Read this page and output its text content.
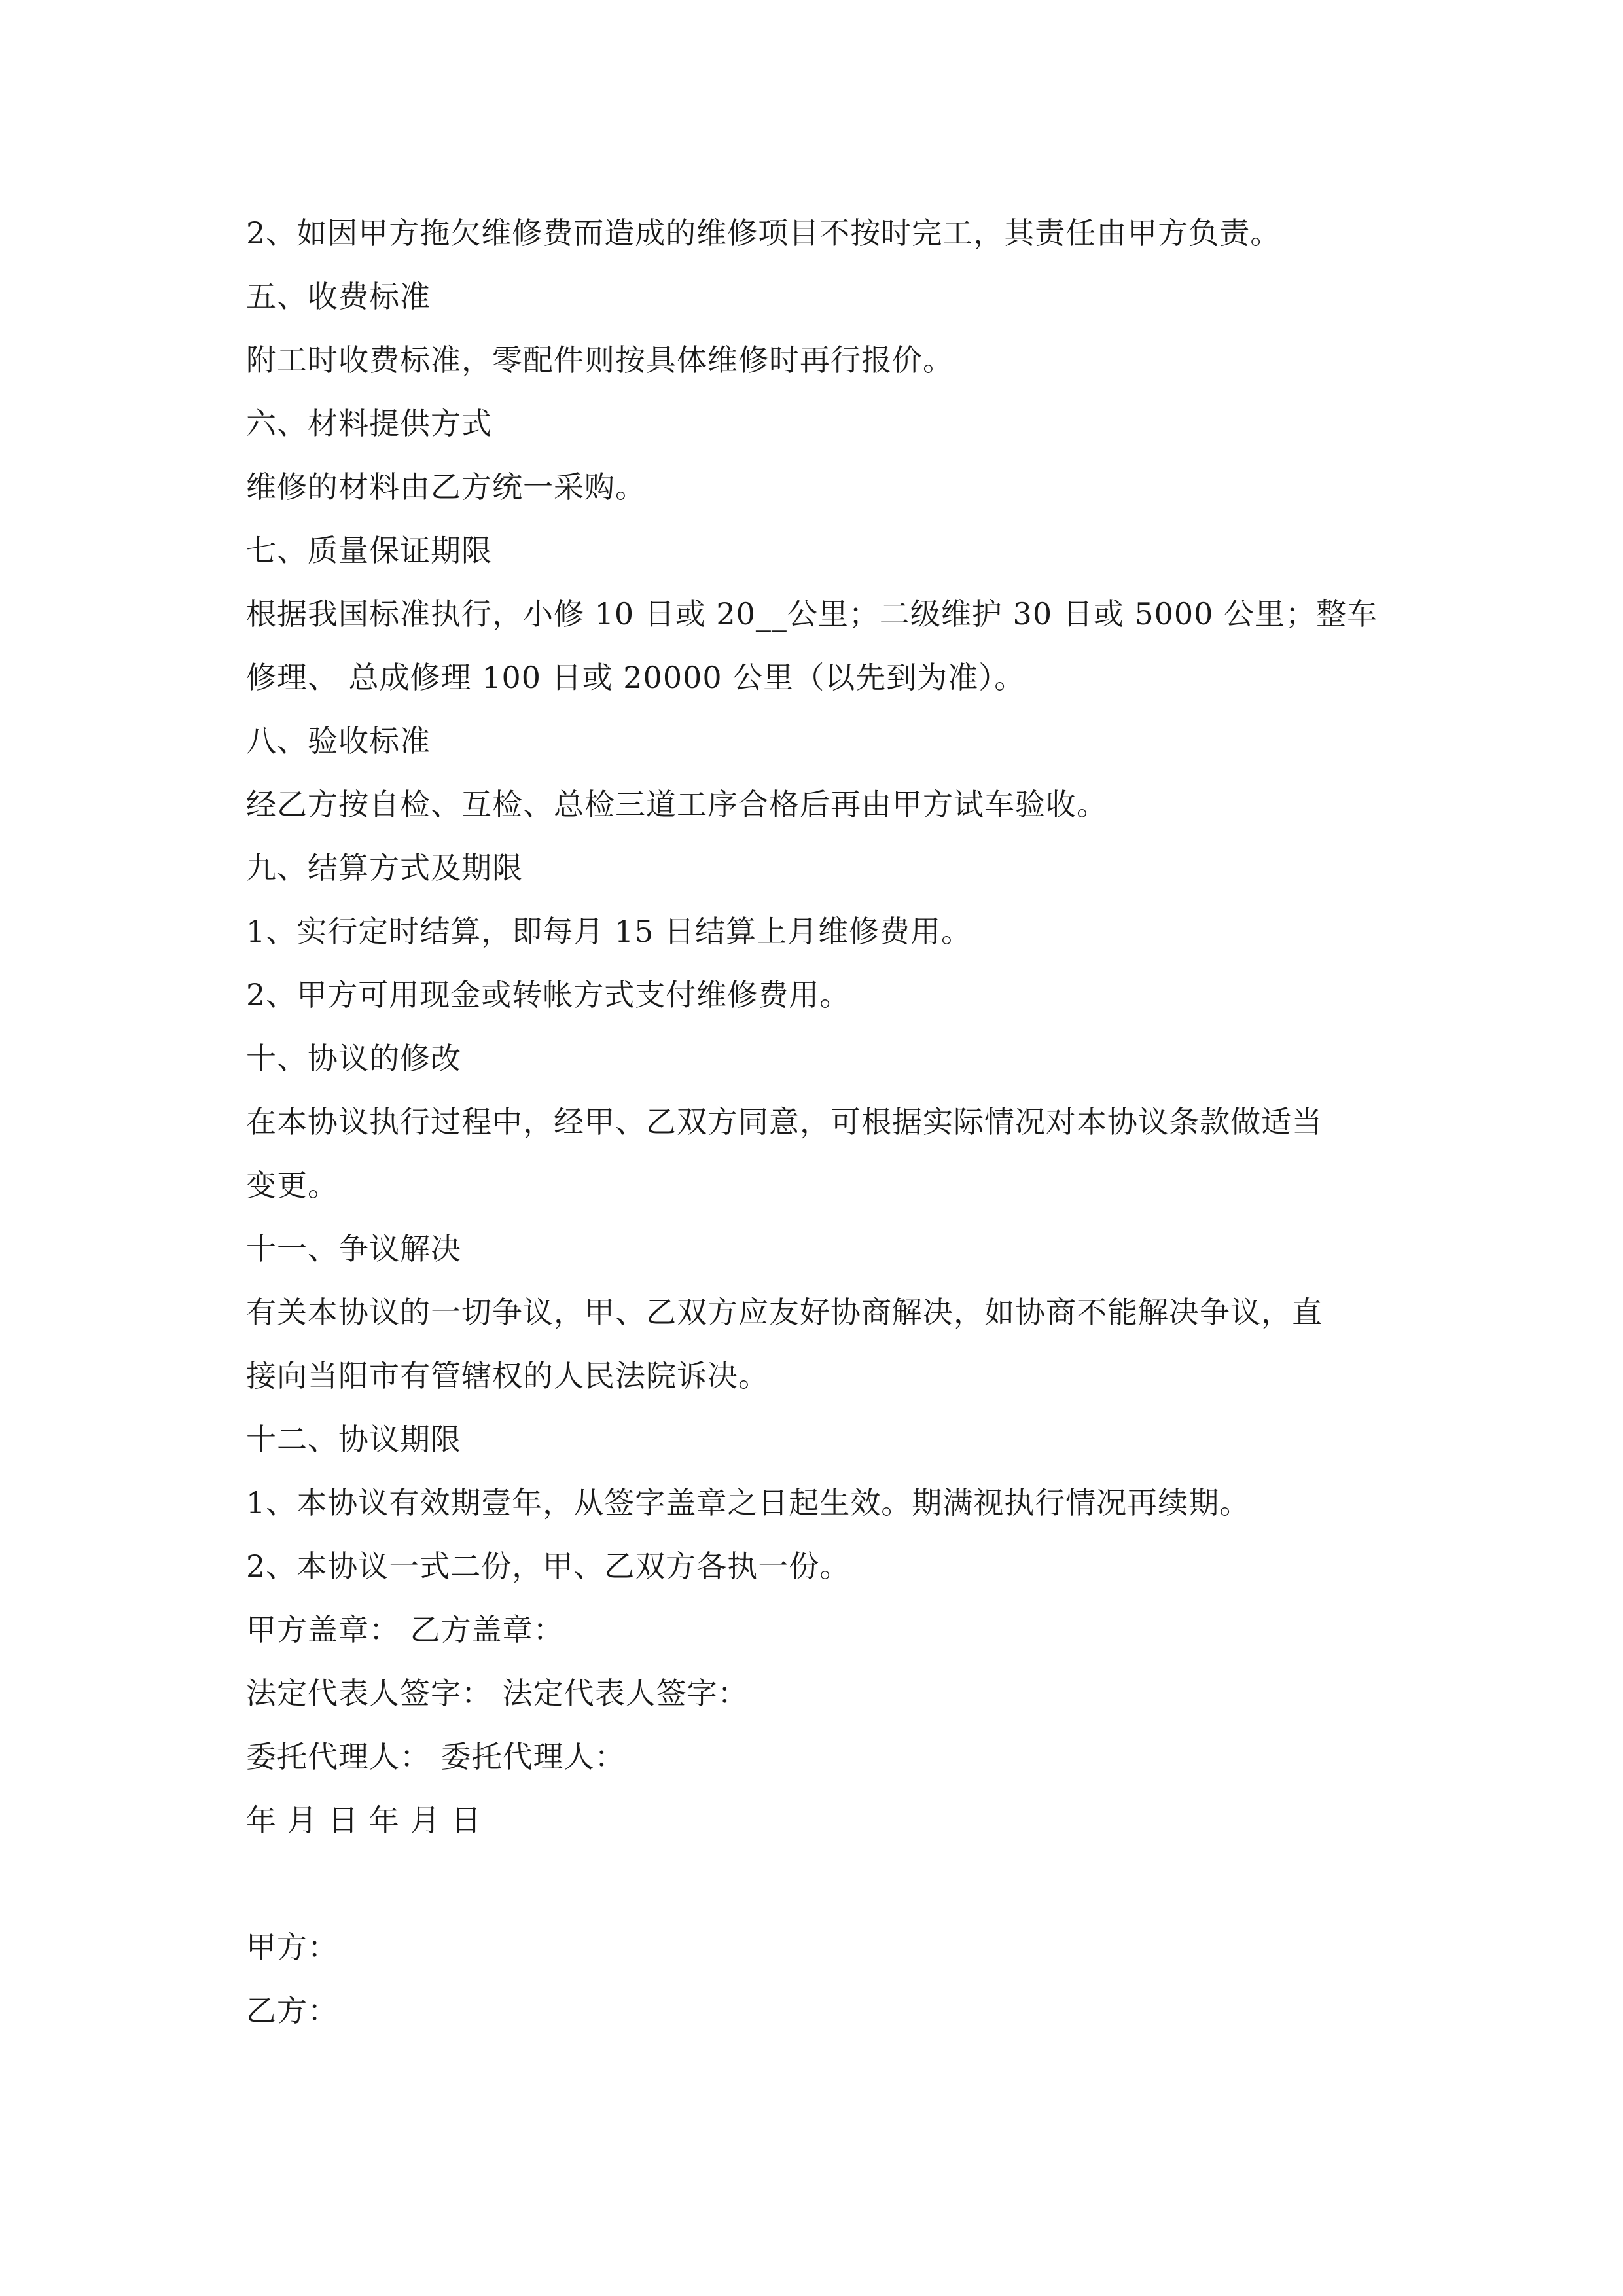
2、如因甲方拖欠维修费而造成的维修项目不按时完工，其责任由甲方负责。
五、收费标准
附工时收费标准，零配件则按具体维修时再行报价。
六、材料提供方式
维修的材料由乙方统一采购。
七、质量保证期限
根据我国标准执行，小修 10 日或 20__公里；二级维护 30 日或 5000 公里；整车
修理、 总成修理 100 日或 20000 公里（以先到为准）。
八、验收标准
经乙方按自检、互检、总检三道工序合格后再由甲方试车验收。
九、结算方式及期限
1、实行定时结算，即每月 15 日结算上月维修费用。
2、甲方可用现金或转帐方式支付维修费用。
十、协议的修改
在本协议执行过程中，经甲、乙双方同意，可根据实际情况对本协议条款做适当
变更。
十一、争议解决
有关本协议的一切争议，甲、乙双方应友好协商解决，如协商不能解决争议，直
接向当阳市有管辖权的人民法院诉决。
十二、协议期限
1、本协议有效期壹年，从签字盖章之日起生效。期满视执行情况再续期。
2、本协议一式二份，甲、乙双方各执一份。
甲方盖章： 乙方盖章：
法定代表人签字： 法定代表人签字：
委托代理人： 委托代理人：
年 月 日 年 月 日
甲方：
乙方：
